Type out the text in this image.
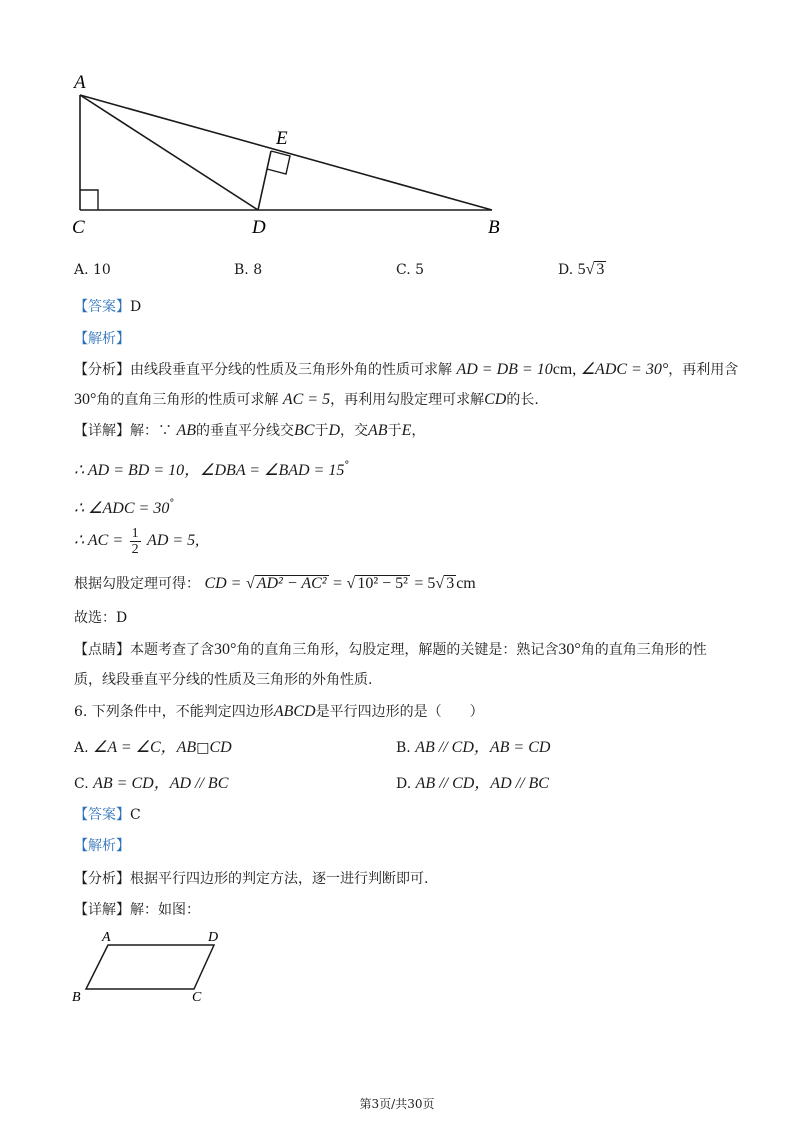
A
E
C	D	B
A. 10	B. 8	C. 5	D. 5√ 3
【答案】D
【解析】
【分析】由线段垂直平分线的性质及三角形外角的性质可求解 AD = DB = 10cm, ∠ADC = 30°，再利用含
30°角的直角三角形的性质可求解 AC = 5，再利用勾股定理可求解CD的长.
【详解】解：∵ AB的垂直平分线交BC于D，交AB于E，
∴ AD = BD = 10，∠DBA = ∠BAD = 15°
∴ ∠ADC = 30°
∴ AC = $\frac{1}{2}$ AD = 5,
根据勾股定理可得： CD = √ AD² − AC² = √ 10² − 5² = 5√ 3 cm
故选：D
【点睛】本题考查了含30°角的直角三角形，勾股定理，解题的关键是：熟记含30°角的直角三角形的性
质，线段垂直平分线的性质及三角形的外角性质.
6. 下列条件中，不能判定四边形ABCD是平行四边形的是（　　）
A. ∠A = ∠C，AB□CD	B. AB // CD，AB = CD
C. AB = CD，AD // BC	D. AB // CD，AD // BC
【答案】C
【解析】
【分析】根据平行四边形的判定方法，逐一进行判断即可.
【详解】解：如图：
A	D
B	C
第3页/共30页
